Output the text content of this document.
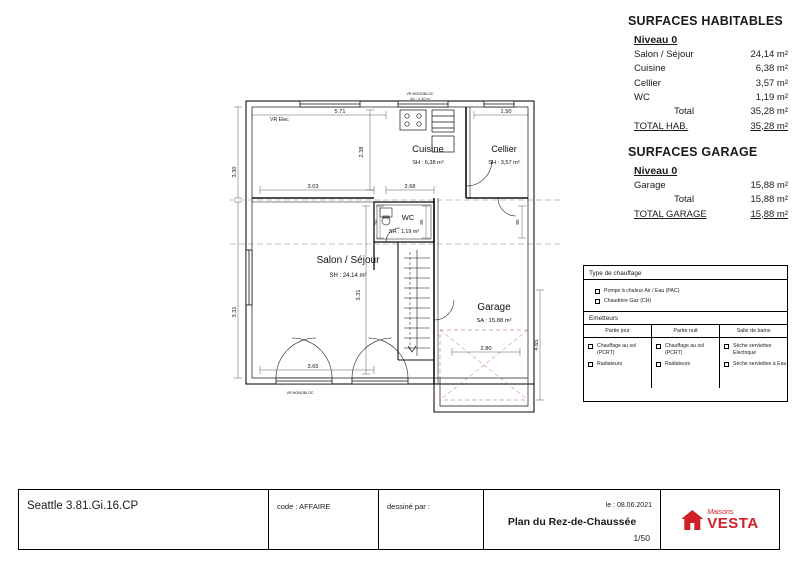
Cuisine
SH : 6,38 m²
Cellier
SH : 3,57 m²
WC
SH : 1,19 m²
Salon / Séjour
SH : 24,14 m²
Garage
SA : 15,88 m²
VR Elec
VR MONOBLOC
A1 : 1.10 m
VR MONOBLOC
5.71	1.50
3.30
3.31
3.03
3.65
2.38
3.31
2.68
92	85	80
4.65
2.80
SURFACES HABITABLES
Niveau 0
Salon / Séjour	24,14 m²
Cuisine	6,38 m²
Cellier	3,57 m²
WC	1,19 m²
Total	35,28 m²
TOTAL HAB.	35,28 m²
SURFACES GARAGE
Niveau 0
Garage	15,88 m²
Total	15,88 m²
TOTAL GARAGE	15,88 m²
Type de chauffage
Pompe à chaleur Air / Eau (PAC)
Chaudière Gaz (CH)
Emetteurs
Partie jour
Chauffage au sol (PCRT)
Radiateurs
Partie nuit
Chauffage au sol (PCRT)
Radiateurs
Salle de bains
Sèche serviettes Electrique
Sèche serviettes à Eau
Seattle 3.81.Gi.16.CP	code : AFFAIRE	dessiné par :	le : 08.06.2021
Plan du Rez-de-Chaussée
1/50
Maisons
VESTA
